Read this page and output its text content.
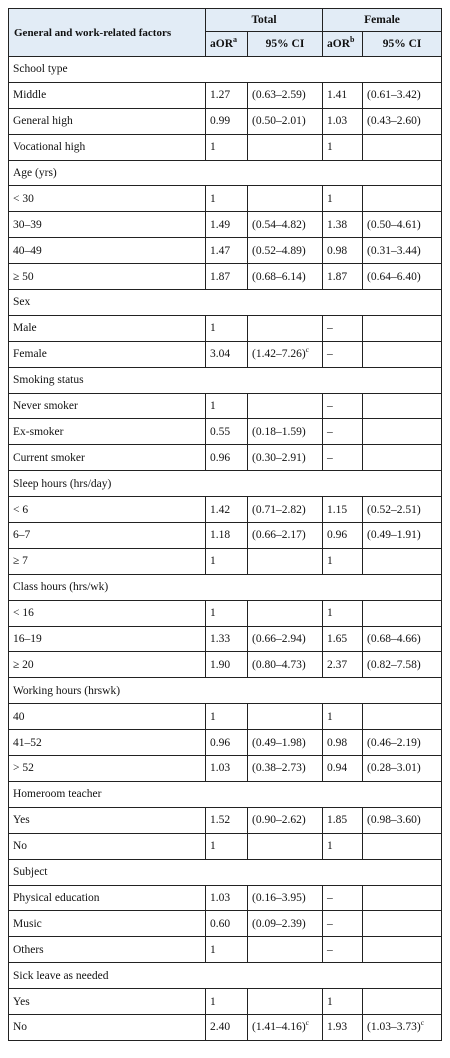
General and work-related factors	Total		Female	
	aOR$^a$	95% CI	aOR$^b$	95% CI
School type				
Middle	1.27	(0.63–2.59)	1.41	(0.61–3.42)
General high	0.99	(0.50–2.01)	1.03	(0.43–2.60)
Vocational high	1		1	
Age (yrs)				
< 30	1		1	
30–39	1.49	(0.54–4.82)	1.38	(0.50–4.61)
40–49	1.47	(0.52–4.89)	0.98	(0.31–3.44)
≥ 50	1.87	(0.68–6.14)	1.87	(0.64–6.40)
Sex				
Male	1		–	
Female	3.04	$(1.42-7.26)^c$	–	
Smoking status				
Never smoker	1		–	
Ex-smoker	0.55	(0.18–1.59)	–	
Current smoker	0.96	(0.30–2.91)	–	
Sleep hours (hrs/day)				
< 6	1.42	(0.71–2.82)	1.15	(0.52–2.51)
6–7	1.18	(0.66–2.17)	0.96	(0.49–1.91)
≥ 7	1		1	
Class hours (hrs/wk)				
< 16	1		1	
16–19	1.33	(0.66–2.94)	1.65	(0.68–4.66)
≥ 20	1.90	(0.80–4.73)	2.37	(0.82–7.58)
Working hours (hrswk)				
40	1		1	
41–52	0.96	(0.49–1.98)	0.98	(0.46–2.19)
> 52	1.03	(0.38–2.73)	0.94	(0.28–3.01)
Homeroom teacher				
Yes	1.52	(0.90–2.62)	1.85	(0.98–3.60)
No	1		1	
Subject				
Physical education	1.03	(0.16–3.95)	–	
Music	0.60	(0.09–2.39)	–	
Others	1		–	
Sick leave as needed				
Yes	1		1	
No	2.40	$(1.41-4.16)^c$	1.93	$(1.03-3.73)^c$
